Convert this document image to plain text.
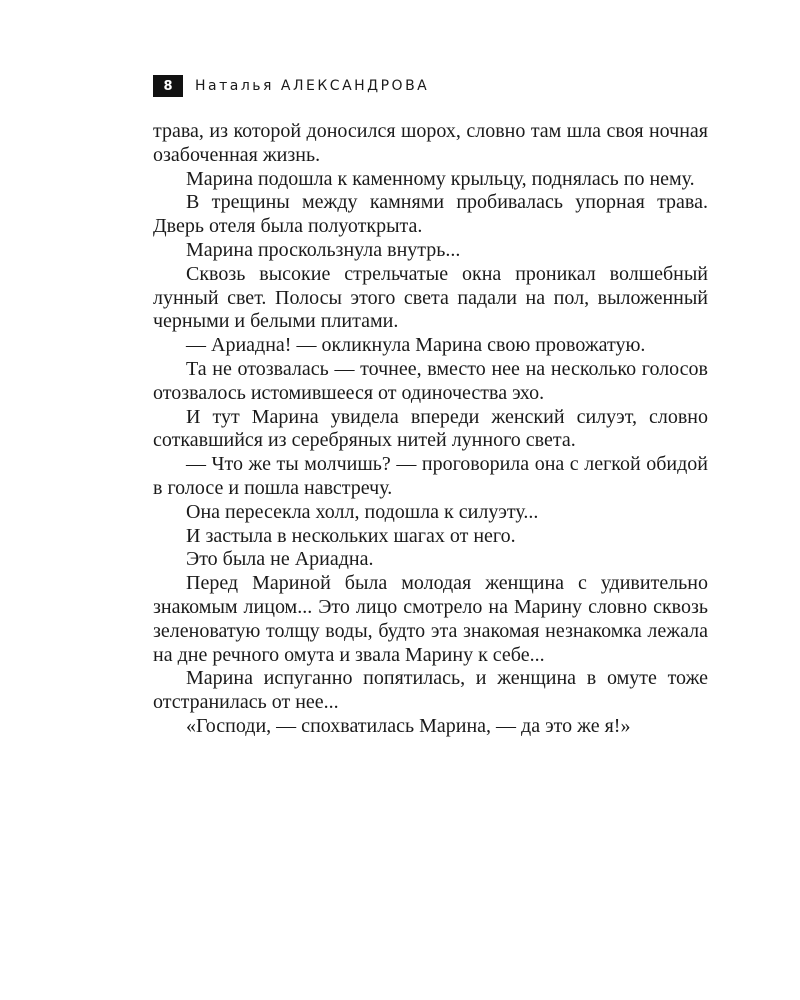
8	Наталья АЛЕКСАНДРОВА

трава, из которой доносился шорох, словно там шла своя ночная озабоченная жизнь.

Марина подошла к каменному крыльцу, поднялась по нему.

В трещины между камнями пробивалась упорная трава. Дверь отеля была полуоткрыта.

Марина проскользнула внутрь...

Сквозь высокие стрельчатые окна проникал волшебный лунный свет. Полосы этого света падали на пол, выложенный черными и белыми плитами.

— Ариадна! — окликнула Марина свою провожатую.

Та не отозвалась — точнее, вместо нее на несколько голосов отозвалось истомившееся от одиночества эхо.

И тут Марина увидела впереди женский силуэт, словно соткавшийся из серебряных нитей лунного света.

— Что же ты молчишь? — проговорила она с легкой обидой в голосе и пошла навстречу.

Она пересекла холл, подошла к силуэту...

И застыла в нескольких шагах от него.

Это была не Ариадна.

Перед Мариной была молодая женщина с удивительно знакомым лицом... Это лицо смотрело на Марину словно сквозь зеленоватую толщу воды, будто эта знакомая незнакомка лежала на дне речного омута и звала Марину к себе...

Марина испуганно попятилась, и женщина в омуте тоже отстранилась от нее...

«Господи, — спохватилась Марина, — да это же я!»
